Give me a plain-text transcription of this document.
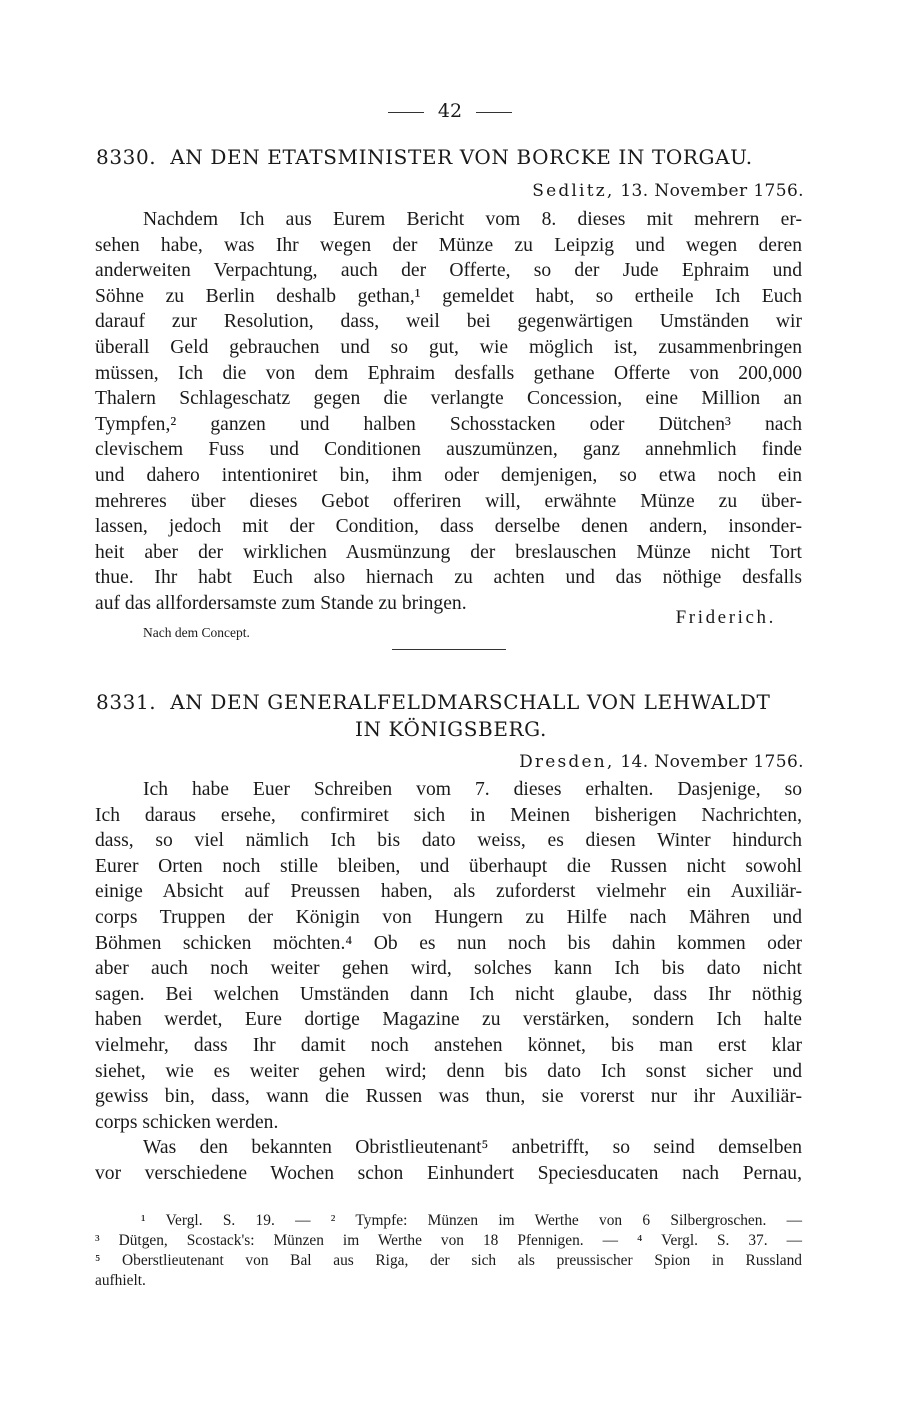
42
8330. AN DEN ETATSMINISTER VON BORCKE IN TORGAU.
Sedlitz, 13. November 1756.
Nachdem Ich aus Eurem Bericht vom 8. dieses mit mehrern er-
sehen habe, was Ihr wegen der Münze zu Leipzig und wegen deren
anderweiten Verpachtung, auch der Offerte, so der Jude Ephraim und
Söhne zu Berlin deshalb gethan,¹ gemeldet habt, so ertheile Ich Euch
darauf zur Resolution, dass, weil bei gegenwärtigen Umständen wir
überall Geld gebrauchen und so gut, wie möglich ist, zusammenbringen
müssen, Ich die von dem Ephraim desfalls gethane Offerte von 200,000
Thalern Schlageschatz gegen die verlangte Concession, eine Million an
Tympfen,² ganzen und halben Schosstacken oder Dütchen³ nach
clevischem Fuss und Conditionen auszumünzen, ganz annehmlich finde
und dahero intentioniret bin, ihm oder demjenigen, so etwa noch ein
mehreres über dieses Gebot offeriren will, erwähnte Münze zu über-
lassen, jedoch mit der Condition, dass derselbe denen andern, insonder-
heit aber der wirklichen Ausmünzung der breslauschen Münze nicht Tort
thue. Ihr habt Euch also hiernach zu achten und das nöthige desfalls
auf das allfordersamste zum Stande zu bringen.
Friderich.
Nach dem Concept.
8331. AN DEN GENERALFELDMARSCHALL VON LEHWALDT
IN KÖNIGSBERG.
Dresden, 14. November 1756.
Ich habe Euer Schreiben vom 7. dieses erhalten. Dasjenige, so
Ich daraus ersehe, confirmiret sich in Meinen bisherigen Nachrichten,
dass, so viel nämlich Ich bis dato weiss, es diesen Winter hindurch
Eurer Orten noch stille bleiben, und überhaupt die Russen nicht sowohl
einige Absicht auf Preussen haben, als zuforderst vielmehr ein Auxiliär-
corps Truppen der Königin von Hungern zu Hilfe nach Mähren und
Böhmen schicken möchten.⁴ Ob es nun noch bis dahin kommen oder
aber auch noch weiter gehen wird, solches kann Ich bis dato nicht
sagen. Bei welchen Umständen dann Ich nicht glaube, dass Ihr nöthig
haben werdet, Eure dortige Magazine zu verstärken, sondern Ich halte
vielmehr, dass Ihr damit noch anstehen könnet, bis man erst klar
siehet, wie es weiter gehen wird; denn bis dato Ich sonst sicher und
gewiss bin, dass, wann die Russen was thun, sie vorerst nur ihr Auxiliär-
corps schicken werden.
Was den bekannten Obristlieutenant⁵ anbetrifft, so seind demselben
vor verschiedene Wochen schon Einhundert Speciesducaten nach Pernau,
¹ Vergl. S. 19. — ² Tympfe: Münzen im Werthe von 6 Silbergroschen. —
³ Dütgen, Scostack's: Münzen im Werthe von 18 Pfennigen. — ⁴ Vergl. S. 37. —
⁵ Oberstlieutenant von Bal aus Riga, der sich als preussischer Spion in Russland
aufhielt.
